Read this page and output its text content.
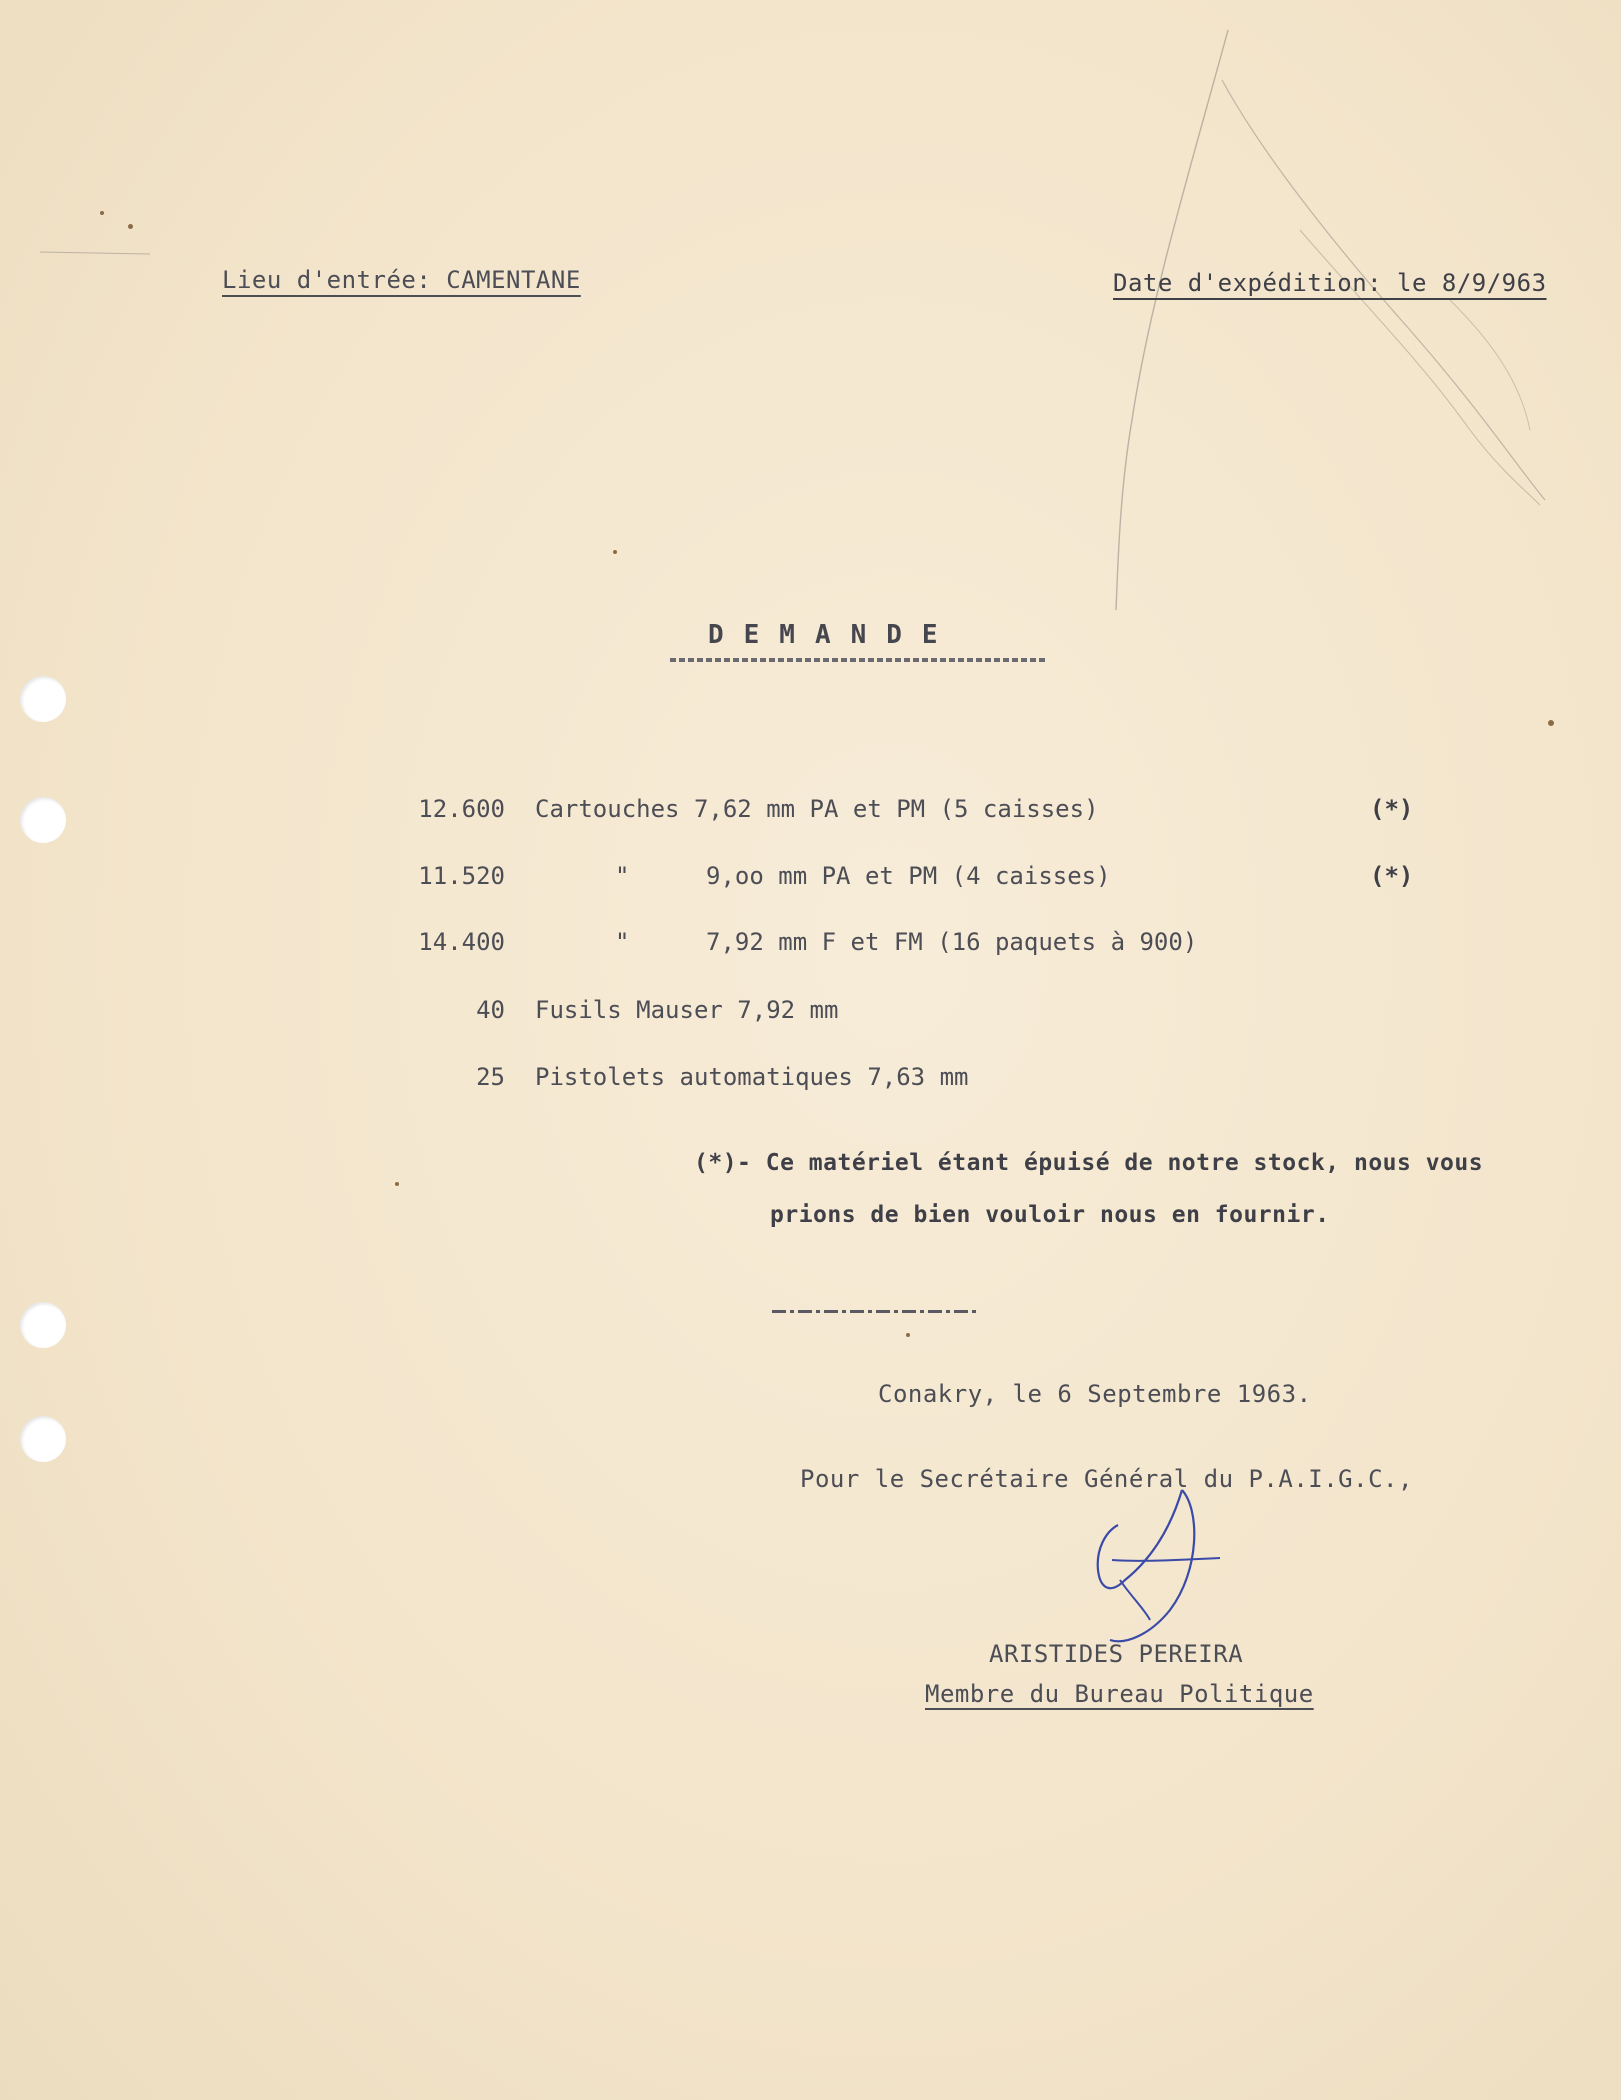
Lieu d'entrée: CAMENTANE	Date d'expédition: le 8/9/963
DEMANDE
12.600 Cartouches 7,62 mm PA et PM (5 caisses)	(*)
11.520	"	9,oo mm PA et PM (4 caisses)	(*)
14.400	"	7,92 mm F et FM (16 paquets à 900)
40 Fusils Mauser 7,92 mm
25 Pistolets automatiques 7,63 mm
(*)- Ce matériel étant épuisé de notre stock, nous vous
prions de bien vouloir nous en fournir.
Conakry, le 6 Septembre 1963.
Pour le Secrétaire Général du P.A.I.G.C.,
ARISTIDES PEREIRA
Membre du Bureau Politique
